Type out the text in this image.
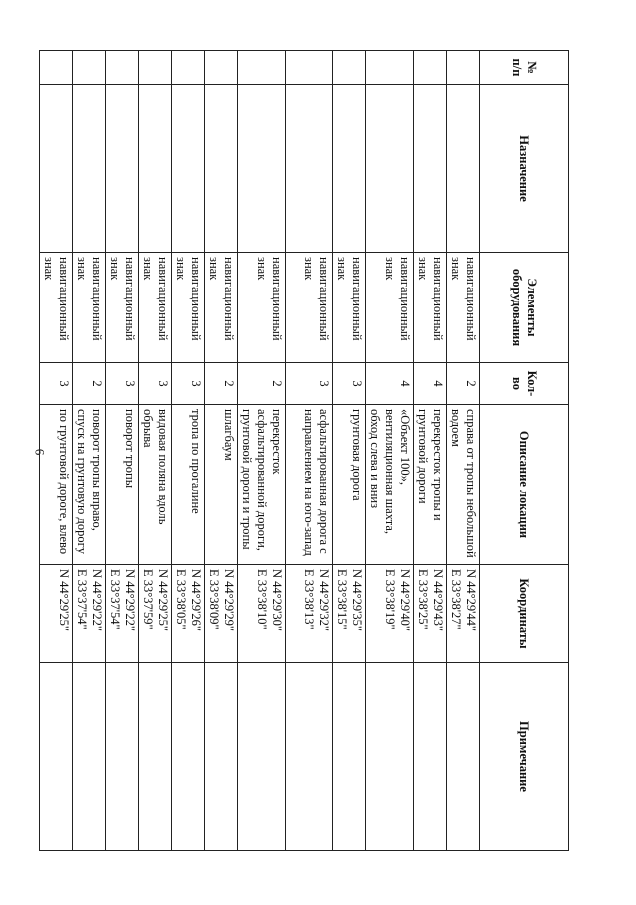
6
№ п/п	Назначение	Элементы оборудования	Кол-во	Описание локации	Координаты	Примечание
		навигационный знак	2	справа от тропы небольшой водоем	N 44°29'44"
E 33°38'27"	

		навигационный знак	4	перекресток тропы и грунтовой дороги	N 44°29'43"
E 33°38'25"	

		навигационный знак	4	«Объект 100», вентиляционная шахта, обход слева и вниз	N 44°29'40"
E 33°38'19"	

		навигационный знак	3	грунтовая дорога	N 44°29'35"
E 33°38'15"	

		навигационный знак	3	асфальтированная дорога с направлением на юго-запад	N 44°29'32"
E 33°38'13"	

		навигационный знак	2	перекресток асфальтированной дороги, грунтовой дороги и тропы	N 44°29'30"
E 33°38'10"	

		навигационный знак	2	шлагбаум	N 44°29'29"
E 33°38'09"	

		навигационный знак	3	тропа по прогалине	N 44°29'26"
E 33°38'05"	

		навигационный знак	3	видовая поляна вдоль обрыва	N 44°29'25"
E 33°37'59"	

		навигационный знак	3	поворот тропы	N 44°29'22"
E 33°37'54"	

		навигационный знак	2	поворот тропы вправо, спуск на грунтовую дорогу	N 44°29'22"
E 33°37'54"	

		навигационный знак	3	по грунтовой дороге, влево	N 44°29'25"	
